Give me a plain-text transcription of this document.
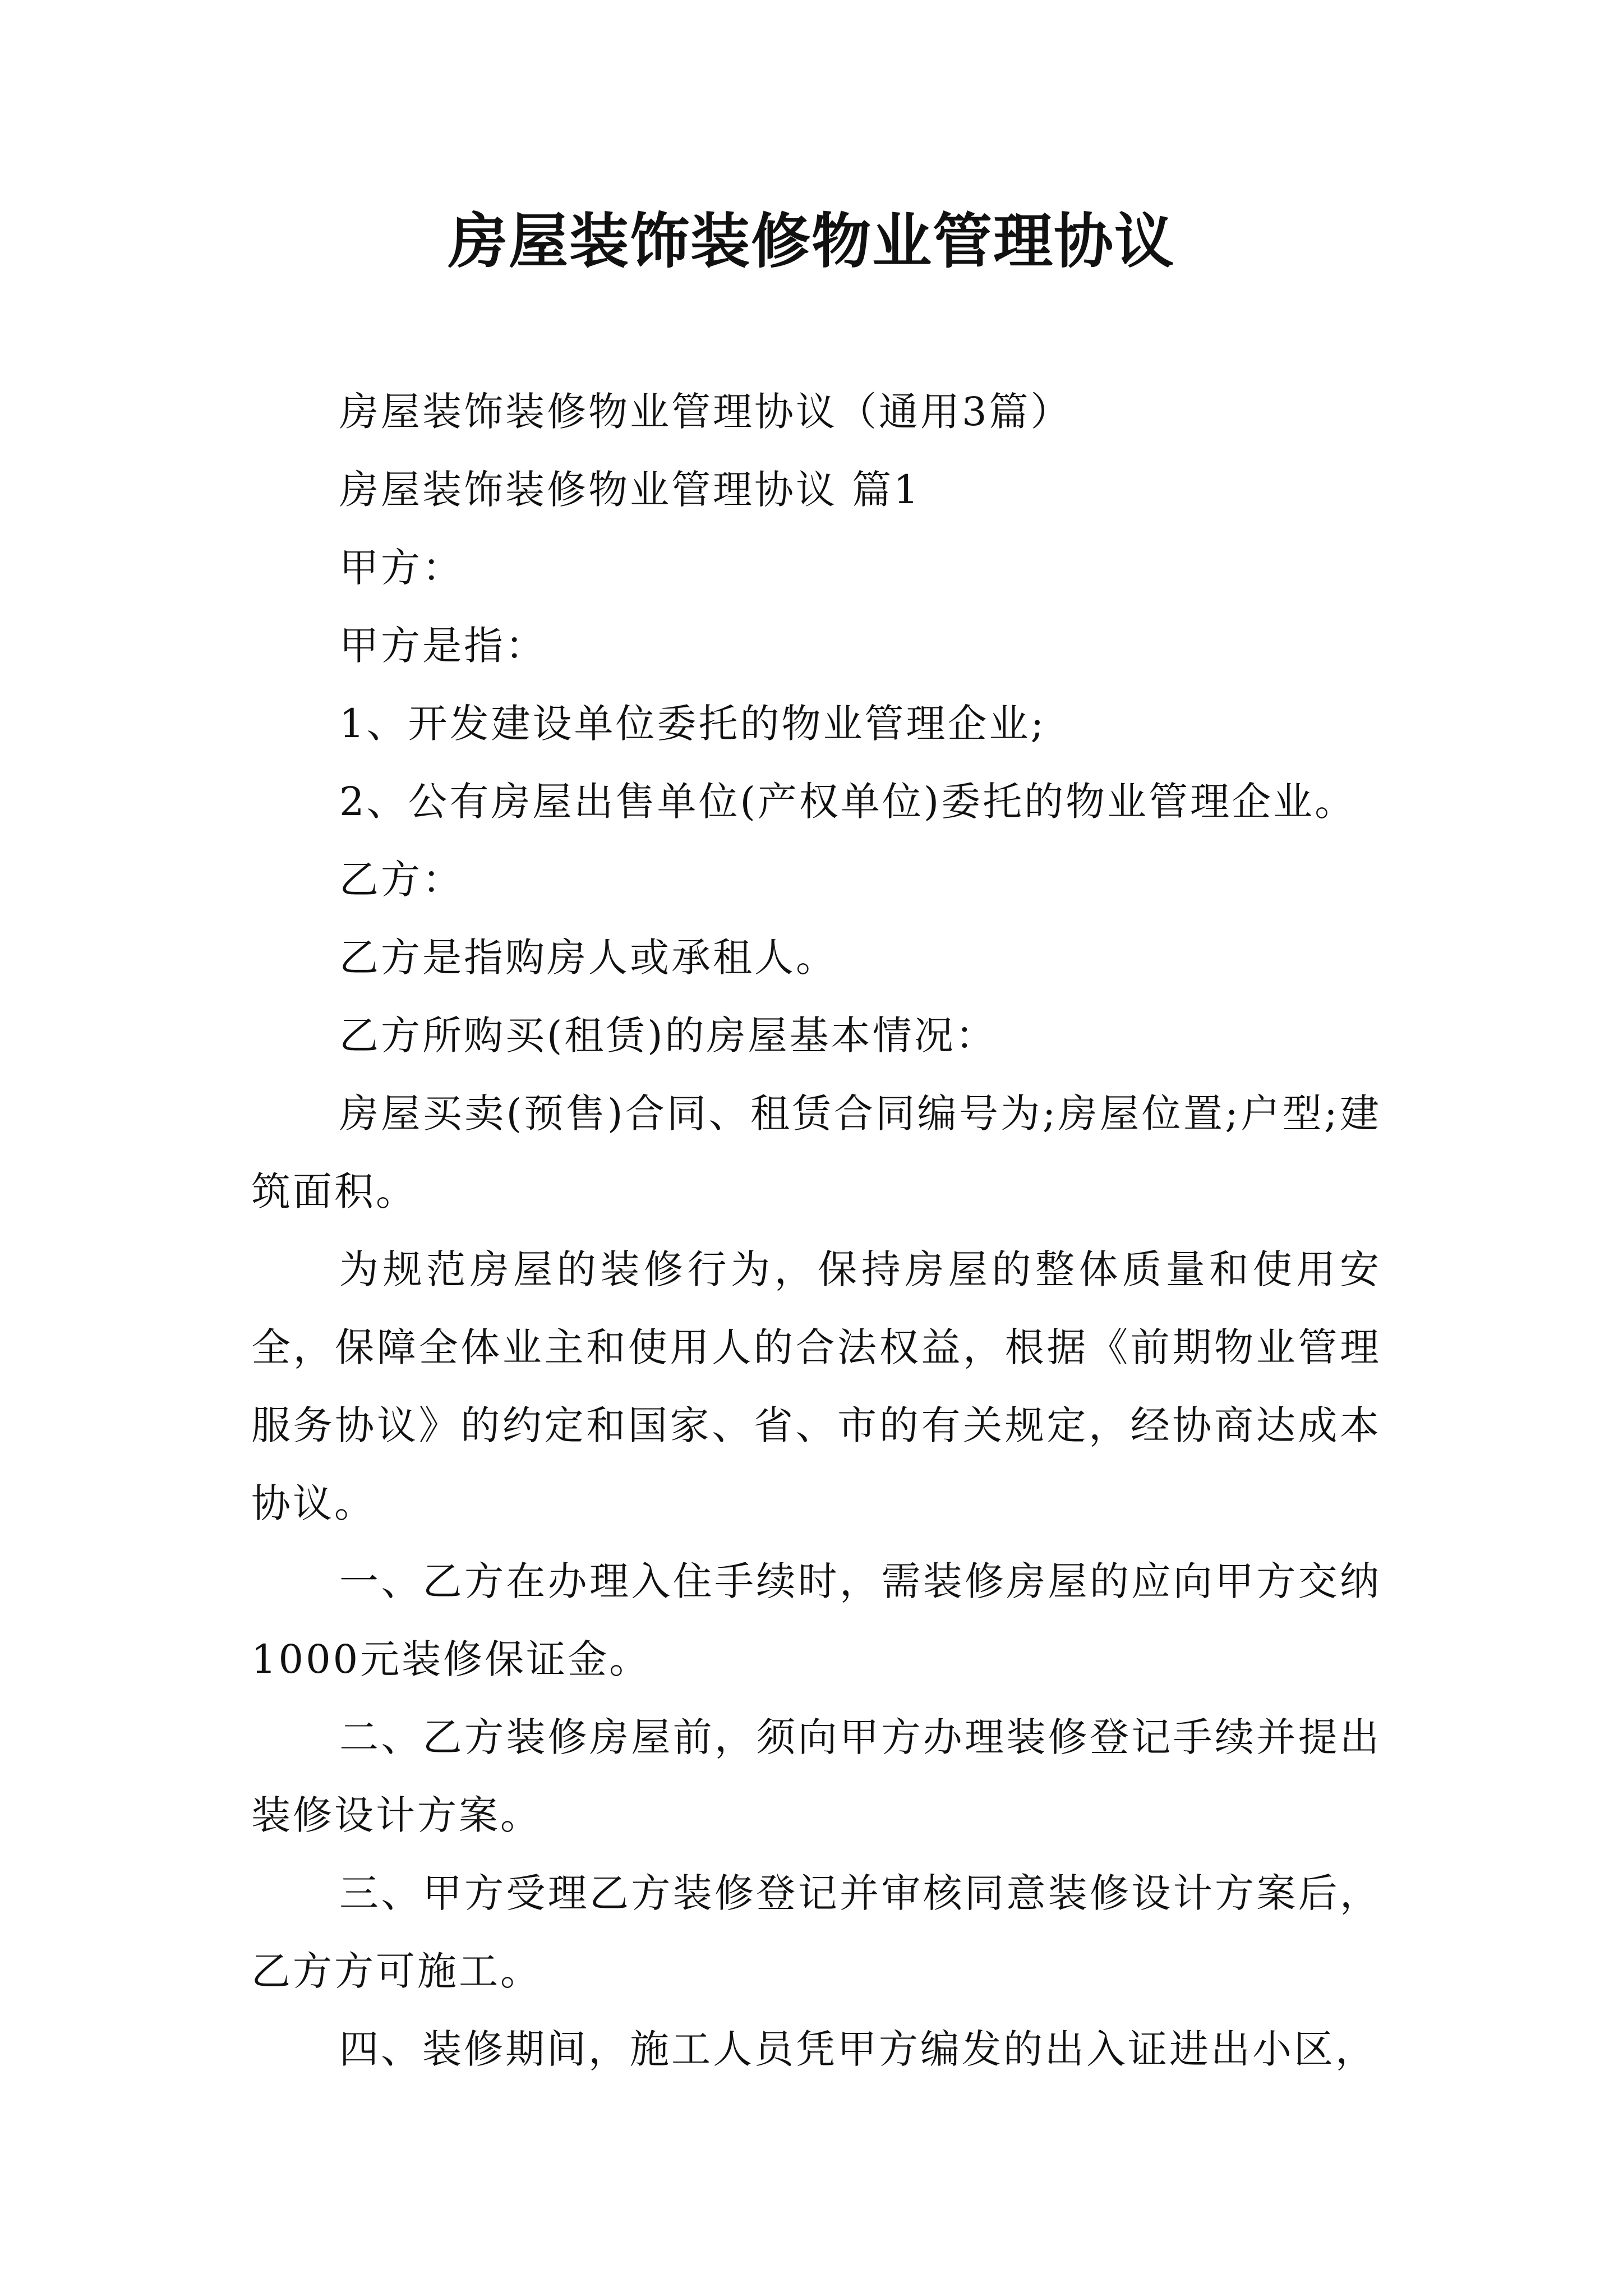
房屋装饰装修物业管理协议

房屋装饰装修物业管理协议（通用3篇）

房屋装饰装修物业管理协议 篇1

甲方：

甲方是指：

1、开发建设单位委托的物业管理企业;

2、公有房屋出售单位(产权单位)委托的物业管理企业。

乙方：

乙方是指购房人或承租人。

乙方所购买(租赁)的房屋基本情况：

房屋买卖(预售)合同、租赁合同编号为;房屋位置;户型;建筑面积。

为规范房屋的装修行为，保持房屋的整体质量和使用安全，保障全体业主和使用人的合法权益，根据《前期物业管理服务协议》的约定和国家、省、市的有关规定，经协商达成本协议。

一、乙方在办理入住手续时，需装修房屋的应向甲方交纳1000元装修保证金。

二、乙方装修房屋前，须向甲方办理装修登记手续并提出装修设计方案。

三、甲方受理乙方装修登记并审核同意装修设计方案后，乙方方可施工。

四、装修期间，施工人员凭甲方编发的出入证进出小区，
